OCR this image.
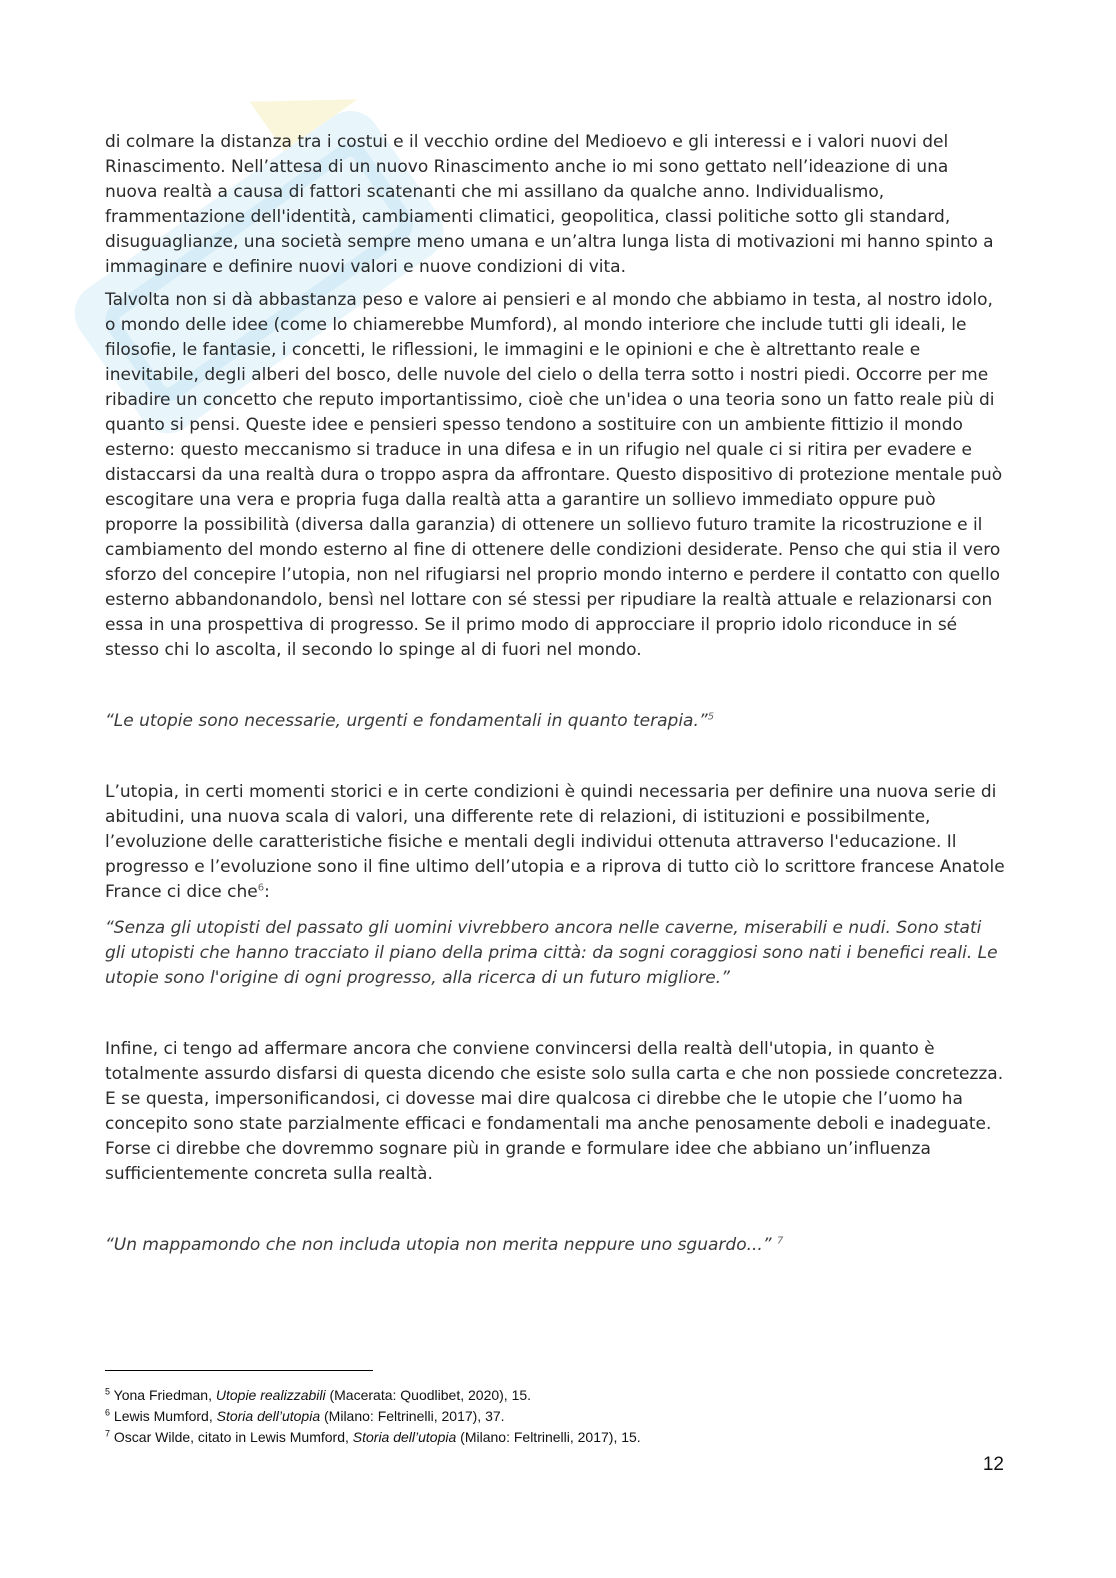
di colmare la distanza tra i costui e il vecchio ordine del Medioevo e gli interessi e i valori nuovi del Rinascimento. Nell’attesa di un nuovo Rinascimento anche io mi sono gettato nell’ideazione di una nuova realtà a causa di fattori scatenanti che mi assillano da qualche anno. Individualismo, frammentazione dell'identità, cambiamenti climatici, geopolitica, classi politiche sotto gli standard, disuguaglianze, una società sempre meno umana e un’altra lunga lista di motivazioni mi hanno spinto a immaginare e definire nuovi valori e nuove condizioni di vita.

Talvolta non si dà abbastanza peso e valore ai pensieri e al mondo che abbiamo in testa, al nostro idolo, o mondo delle idee (come lo chiamerebbe Mumford), al mondo interiore che include tutti gli ideali, le filosofie, le fantasie, i concetti, le riflessioni, le immagini e le opinioni e che è altrettanto reale e inevitabile, degli alberi del bosco, delle nuvole del cielo o della terra sotto i nostri piedi. Occorre per me ribadire un concetto che reputo importantissimo, cioè che un'idea o una teoria sono un fatto reale più di quanto si pensi. Queste idee e pensieri spesso tendono a sostituire con un ambiente fittizio il mondo esterno: questo meccanismo si traduce in una difesa e in un rifugio nel quale ci si ritira per evadere e distaccarsi da una realtà dura o troppo aspra da affrontare. Questo dispositivo di protezione mentale può escogitare una vera e propria fuga dalla realtà atta a garantire un sollievo immediato oppure può proporre la possibilità (diversa dalla garanzia) di ottenere un sollievo futuro tramite la ricostruzione e il cambiamento del mondo esterno al fine di ottenere delle condizioni desiderate. Penso che qui stia il vero sforzo del concepire l’utopia, non nel rifugiarsi nel proprio mondo interno e perdere il contatto con quello esterno abbandonandolo, bensì nel lottare con sé stessi per ripudiare la realtà attuale e relazionarsi con essa in una prospettiva di progresso. Se il primo modo di approcciare il proprio idolo riconduce in sé stesso chi lo ascolta, il secondo lo spinge al di fuori nel mondo.

“Le utopie sono necessarie, urgenti e fondamentali in quanto terapia.”$^5$

L’utopia, in certi momenti storici e in certe condizioni è quindi necessaria per definire una nuova serie di abitudini, una nuova scala di valori, una differente rete di relazioni, di istituzioni e possibilmente, l’evoluzione delle caratteristiche fisiche e mentali degli individui ottenuta attraverso l'educazione. Il progresso e l’evoluzione sono il fine ultimo dell’utopia e a riprova di tutto ciò lo scrittore francese Anatole France ci dice che$^6$:

“Senza gli utopisti del passato gli uomini vivrebbero ancora nelle caverne, miserabili e nudi. Sono stati gli utopisti che hanno tracciato il piano della prima città: da sogni coraggiosi sono nati i benefici reali. Le utopie sono l'origine di ogni progresso, alla ricerca di un futuro migliore.”

Infine, ci tengo ad affermare ancora che conviene convincersi della realtà dell'utopia, in quanto è totalmente assurdo disfarsi di questa dicendo che esiste solo sulla carta e che non possiede concretezza. E se questa, impersonificandosi, ci dovesse mai dire qualcosa ci direbbe che le utopie che l’uomo ha concepito sono state parzialmente efficaci e fondamentali ma anche penosamente deboli e inadeguate. Forse ci direbbe che dovremmo sognare più in grande e formulare idee che abbiano un’influenza sufficientemente concreta sulla realtà.

“Un mappamondo che non includa utopia non merita neppure uno sguardo...” $^7$

$^5$ Yona Friedman, Utopie realizzabili (Macerata: Quodlibet, 2020), 15.

$^6$ Lewis Mumford, Storia dell’utopia (Milano: Feltrinelli, 2017), 37.

$^7$ Oscar Wilde, citato in Lewis Mumford, Storia dell’utopia (Milano: Feltrinelli, 2017), 15.

12
